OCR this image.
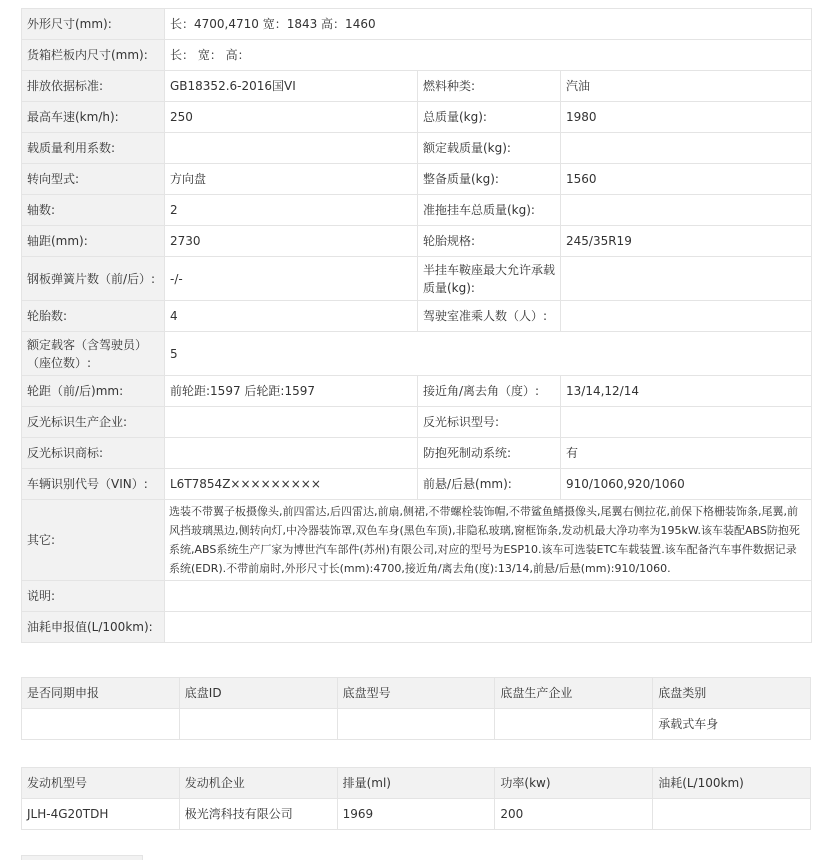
外形尺寸(mm):	长：4700,4710 宽：1843 高：1460		
货箱栏板内尺寸(mm):	长： 宽： 高：		
排放依据标准:	GB18352.6-2016国VI	燃料种类:	汽油
最高车速(km/h):	250	总质量(kg):	1980
载质量利用系数:		额定载质量(kg):	
转向型式:	方向盘	整备质量(kg):	1560
轴数:	2	准拖挂车总质量(kg):	
轴距(mm):	2730	轮胎规格:	245/35R19
钢板弹簧片数（前/后）:	-/-	半挂车鞍座最大允许承载质量(kg):	
轮胎数:	4	驾驶室准乘人数（人）:	
额定载客（含驾驶员）（座位数）:	5		
轮距（前/后)mm:	前轮距:1597 后轮距:1597	接近角/离去角（度）:	13/14,12/14
反光标识生产企业:		反光标识型号:	
反光标识商标:		防抱死制动系统:	有
车辆识别代号（VIN）:	L6T7854Z×××××××××	前悬/后悬(mm):	910/1060,920/1060
其它:	选装不带翼子板摄像头,前四雷达,后四雷达,前扇,侧裙,不带螺栓装饰帽,不带鲨鱼鳍摄像头,尾翼右侧拉花,前保下格栅装饰条,尾翼,前风挡玻璃黑边,侧转向灯,中冷器装饰罩,双色车身(黑色车顶),非隐私玻璃,窗框饰条,发动机最大净功率为195kW.该车装配ABS防抱死系统,ABS系统生产厂家为博世汽车部件(苏州)有限公司,对应的型号为ESP10.该车可选装ETC车载装置.该车配备汽车事件数据记录系统(EDR).不带前扇时,外形尺寸长(mm):4700,接近角/离去角(度):13/14,前悬/后悬(mm):910/1060.		
说明:			
油耗申报值(L/100km):			
是否同期申报	底盘ID	底盘型号	底盘生产企业	底盘类别
				承载式车身
发动机型号	发动机企业	排量(ml)	功率(kw)	油耗(L/100km)
JLH-4G20TDH	极光湾科技有限公司	1969	200	
